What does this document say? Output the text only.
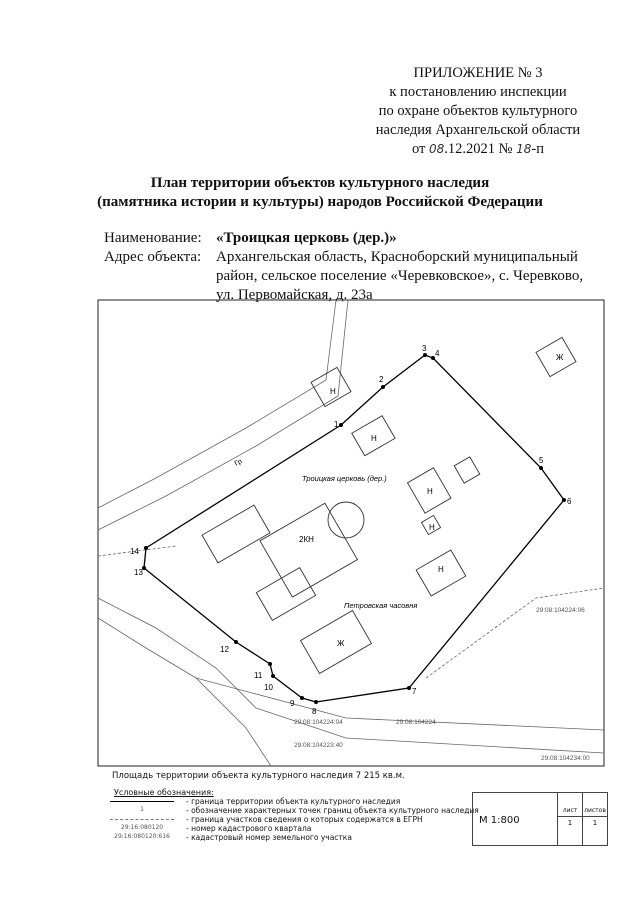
ПРИЛОЖЕНИЕ № 3
к постановлению инспекции
по охране объектов культурного
наследия Архангельской области
от 08.12.2021 № 18-п
План территории объектов культурного наследия
(памятника истории и культуры) народов Российской Федерации
Наименование: «Троицкая церковь (дер.)»
Адрес объекта: Архангельская область, Красноборский муниципальный
район, сельское поселение «Черевковское», с. Черевково,
ул. Первомайская, д. 23а
1
2
3
4
5
6
7
8
9
10
11
12
13
14
2КН
Н
Н
Н
Н
Н
Ж
Ж
Троицкая церковь (дер.)
Петровская часовня
Гр
29:08:104224:06
29:08:104224:04	29:08:104224
29:08:104223:40
29:08:104234:00
Площадь территории объекта культурного наследия 7 215 кв.м.
Условные обозначения:
- граница территории объекта культурного наследия
1	- обозначение характерных точек границ объекта культурного наследия
- граница участков сведения о которых содержатся в ЕГРН
29:16:080120	- номер кадастрового квартала
29:16:080120:616	- кадастровый номер земельного участка
М 1:800
лист
1
листов
1
